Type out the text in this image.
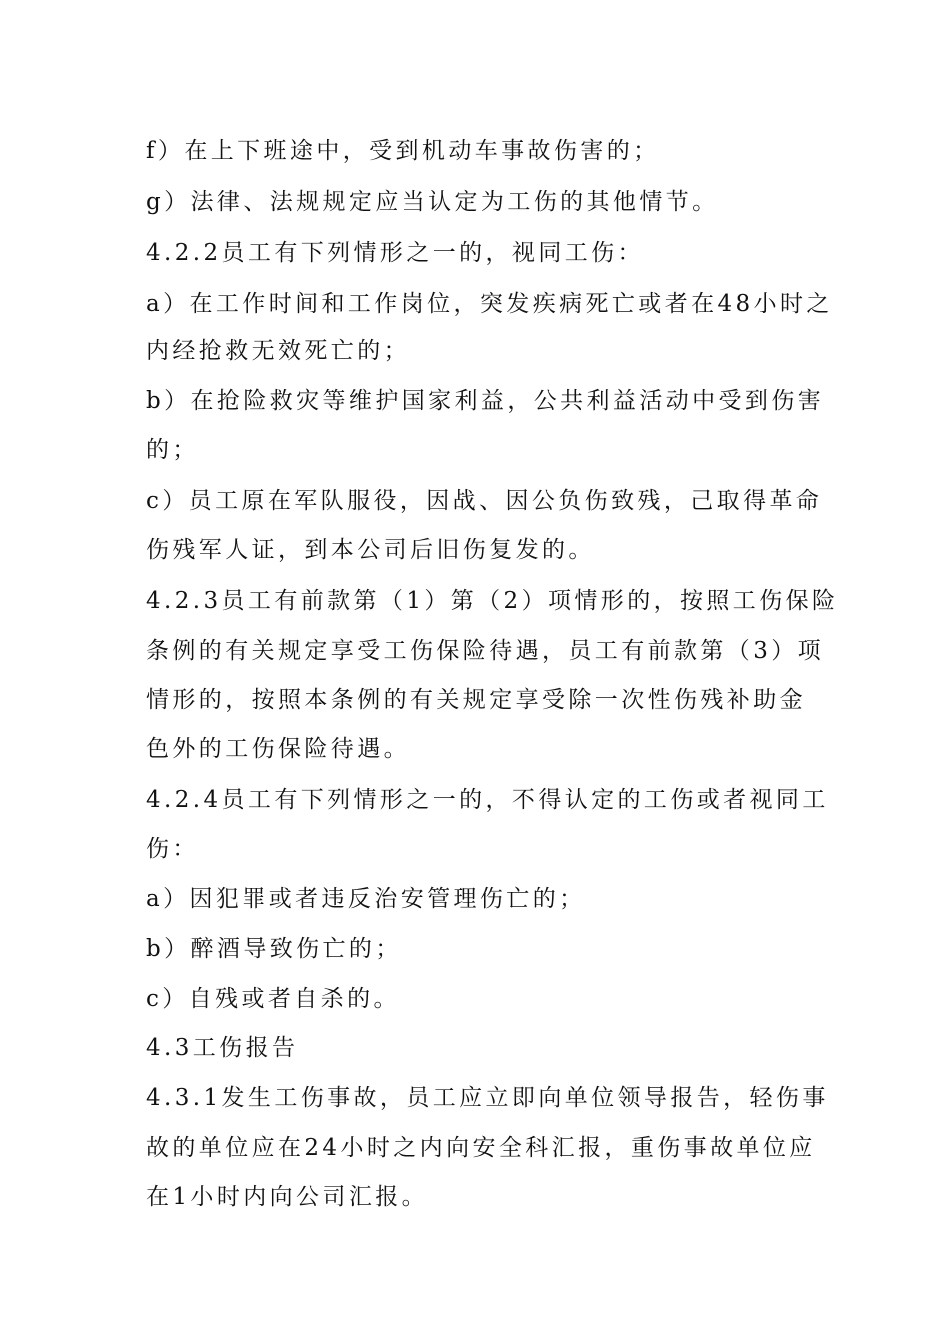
f）在上下班途中，受到机动车事故伤害的；
g）法律、法规规定应当认定为工伤的其他情节。
4.2.2员工有下列情形之一的，视同工伤：
a）在工作时间和工作岗位，突发疾病死亡或者在48小时之
内经抢救无效死亡的；
b）在抢险救灾等维护国家利益，公共利益活动中受到伤害
的；
c）员工原在军队服役，因战、因公负伤致残，己取得革命
伤残军人证，到本公司后旧伤复发的。
4.2.3员工有前款第（1）第（2）项情形的，按照工伤保险
条例的有关规定享受工伤保险待遇，员工有前款第（3）项
情形的，按照本条例的有关规定享受除一次性伤残补助金
色外的工伤保险待遇。
4.2.4员工有下列情形之一的，不得认定的工伤或者视同工
伤：
a）因犯罪或者违反治安管理伤亡的；
b）醉酒导致伤亡的；
c）自残或者自杀的。
4.3工伤报告
4.3.1发生工伤事故，员工应立即向单位领导报告，轻伤事
故的单位应在24小时之内向安全科汇报，重伤事故单位应
在1小时内向公司汇报。
